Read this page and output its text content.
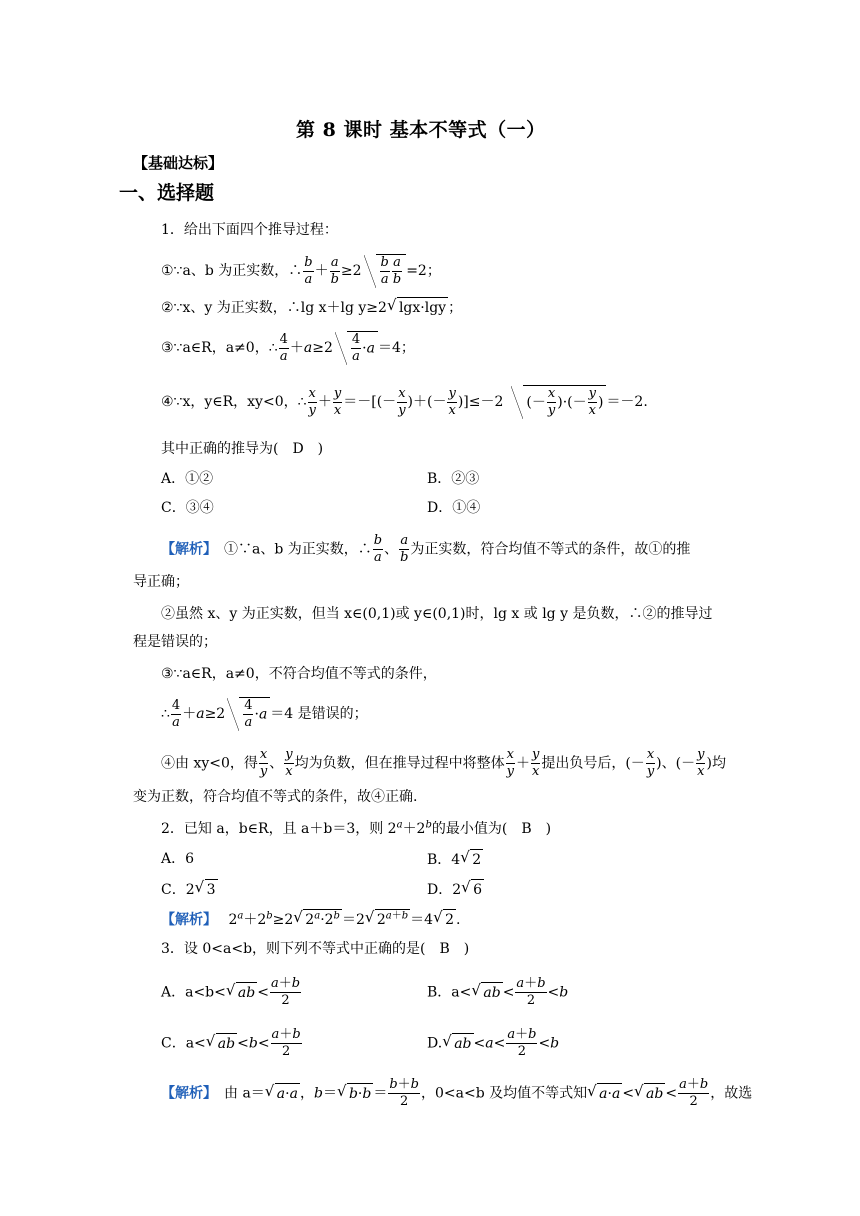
第 8 课时 基本不等式（一）
【基础达标】
一、选择题
1．给出下面四个推导过程：
①∵a、b 为正实数，∴ $\frac{b}{a} + \frac{a}{b} \ge 2 \frac{b}{a} \frac{a}{b} =2$；
②∵x、y 为正实数，∴lg x＋lg y≥2√ lgx·lgy ；
③∵a∈R，a≠0，∴ $\frac{4}{a} +a\ge 2 \frac{4}{a} \cdot a =4$；
④∵x，y∈R，xy<0，∴ $\frac{x}{y} + \frac{y}{x}$ ＝－[(－ $\frac{x}{y}$ )＋(－ $\frac{y}{x} )]\le-2$ (－ $\frac{x}{y}$ )·(－ $\frac{y}{x}$ ) ＝－2.
其中正确的推导为(　D　)
A．①②	B．②③
C．③④	D．①④
【解析】　①∵a、b 为正实数，∴ $\frac{b}{a}$ 、 $\frac{a}{b}$ 为正实数，符合均值不等式的条件，故①的推
导正确；
②虽然 x、y 为正实数，但当 x∈(0,1)或 y∈(0,1)时，lg x 或 lg y 是负数，∴②的推导过
程是错误的；
③∵a∈R，a≠0，不符合均值不等式的条件，
∴ $\frac{4}{a} +a\ge 2 \frac{4}{a} \cdot a =4$ 是错误的；
④由 xy<0，得 $\frac{x}{y}$ 、 $\frac{y}{x}$ 均为负数，但在推导过程中将整体 $\frac{x}{y} + \frac{y}{x}$ 提出负号后，(－ $\frac{x}{y}$ )、(－ $\frac{y}{x}$ )均
变为正数，符合均值不等式的条件，故④正确.
2．已知 a，b∈R，且 a＋b＝3，则 $2^a+2^b$的最小值为(　B　)
A．6	B．4√ 2
C．2√ 3	D．2√ 6
【解析】　 $2^a+2^b\ge 2√$ $2^a\cdot 2^b =2√$ $2^{a+b} =4√$ 2 .
3．设 0<a<b，则下列不等式中正确的是(　B　)
A．a<b<√ ab < $\frac{a+b}{2}$	B．a<√ ab < $\frac{a+b}{2} <b$
C．a<√ ab $<b< \frac{a+b}{2}$	D.√ ab $<a< \frac{a+b}{2} <b$
【解析】　由 a＝√ a·a ，b＝√ $b\cdot b = \frac{b+b}{2}$ ，0<a<b 及均值不等式知√ a·a <√ ab < $\frac{a+b}{2}$ ，故选
